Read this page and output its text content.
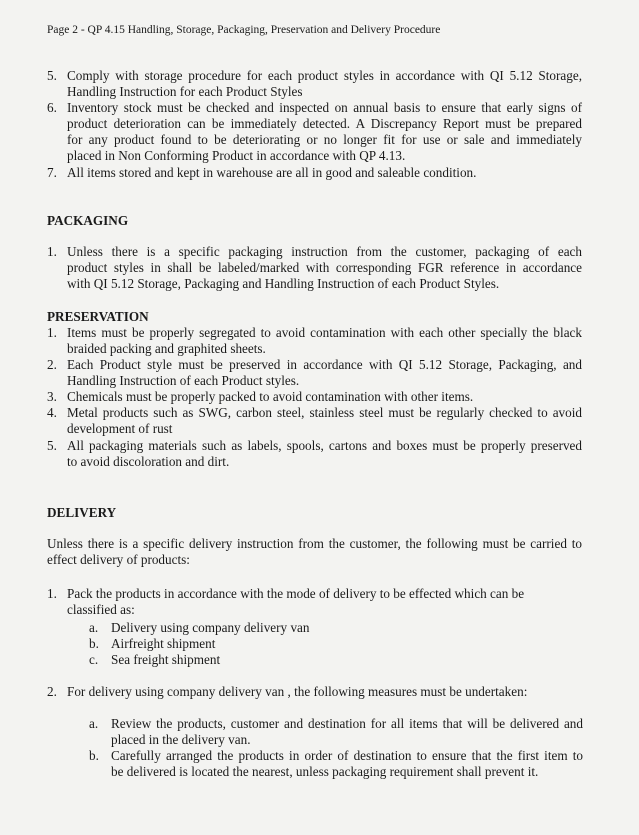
Page 2 - QP 4.15 Handling, Storage, Packaging, Preservation and Delivery Procedure
5. Comply with storage procedure for each product styles in accordance with QI 5.12 Storage,
Handling Instruction for each Product Styles
6. Inventory stock must be checked and inspected on annual basis to ensure that early signs of
product deterioration can be immediately detected. A Discrepancy Report must be prepared
for any product found to be deteriorating or no longer fit for use or sale and immediately
placed in Non Conforming Product in accordance with QP 4.13.
7. All items stored and kept in warehouse are all in good and saleable condition.
PACKAGING
1. Unless there is a specific packaging instruction from the customer, packaging of each
product styles in shall be labeled/marked with corresponding FGR reference in accordance
with QI 5.12 Storage, Packaging and Handling Instruction of each Product Styles.
PRESERVATION
1. Items must be properly segregated to avoid contamination with each other specially the black
braided packing and graphited sheets.
2. Each Product style must be preserved in accordance with QI 5.12 Storage, Packaging, and
Handling Instruction of each Product styles.
3. Chemicals must be properly packed to avoid contamination with other items.
4. Metal products such as SWG, carbon steel, stainless steel must be regularly checked to avoid
development of rust
5. All packaging materials such as labels, spools, cartons and boxes must be properly preserved
to avoid discoloration and dirt.
DELIVERY
Unless there is a specific delivery instruction from the customer, the following must be carried to
effect delivery of products:
1. Pack the products in accordance with the mode of delivery to be effected which can be
classified as:
a. Delivery using company delivery van
b. Airfreight shipment
c. Sea freight shipment
2. For delivery using company delivery van , the following measures must be undertaken:
a. Review the products, customer and destination for all items that will be delivered and
placed in the delivery van.
b. Carefully arranged the products in order of destination to ensure that the first item to
be delivered is located the nearest, unless packaging requirement shall prevent it.
